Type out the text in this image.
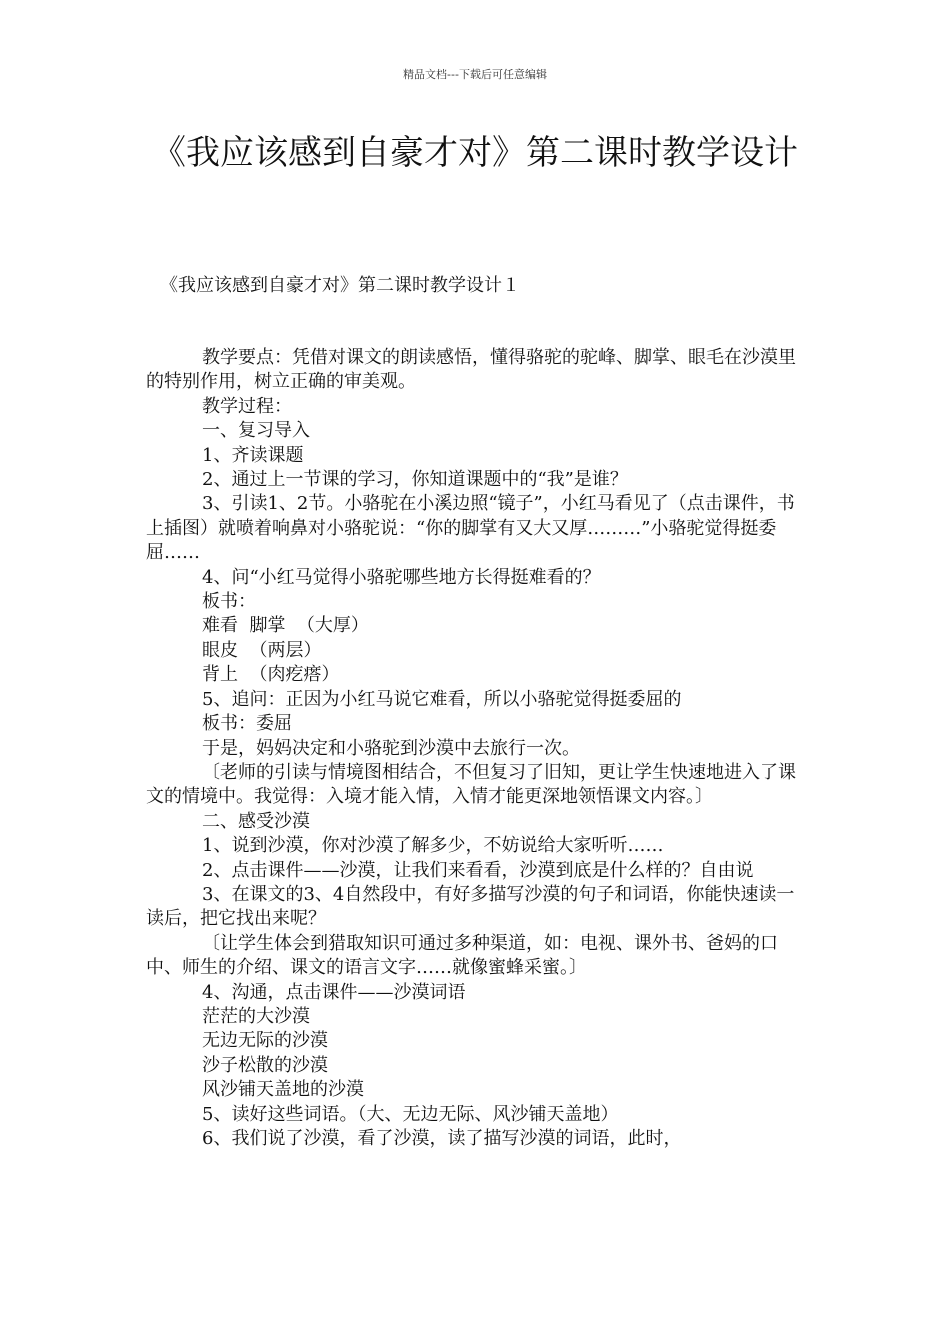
精品文档---下载后可任意编辑
《我应该感到自豪才对》第二课时教学设计
《我应该感到自豪才对》第二课时教学设计１

教学要点：凭借对课文的朗读感悟，懂得骆驼的驼峰、脚掌、眼毛在沙漠里的特别作用，树立正确的审美观。

教学过程：

一、复习导入

1、齐读课题

2、通过上一节课的学习，你知道课题中的“我”是谁？

3、引读1、2节。小骆驼在小溪边照“镜子”，小红马看见了（点击课件，书上插图）就喷着响鼻对小骆驼说：“你的脚掌有又大又厚………”小骆驼觉得挺委屈……

4、问“小红马觉得小骆驼哪些地方长得挺难看的？

板书：

难看  脚掌  （大厚）

眼皮  （两层）

背上  （肉疙瘩）

5、追问：正因为小红马说它难看，所以小骆驼觉得挺委屈的

板书：委屈

于是，妈妈决定和小骆驼到沙漠中去旅行一次。

〔老师的引读与情境图相结合，不但复习了旧知，更让学生快速地进入了课文的情境中。我觉得：入境才能入情，入情才能更深地领悟课文内容。〕

二、感受沙漠

1、说到沙漠，你对沙漠了解多少，不妨说给大家听听……

2、点击课件——沙漠，让我们来看看，沙漠到底是什么样的？自由说

3、在课文的3、4自然段中，有好多描写沙漠的句子和词语，你能快速读一读后，把它找出来呢？

〔让学生体会到猎取知识可通过多种渠道，如：电视、课外书、爸妈的口中、师生的介绍、课文的语言文字……就像蜜蜂采蜜。〕

4、沟通，点击课件——沙漠词语

茫茫的大沙漠

无边无际的沙漠

沙子松散的沙漠

风沙铺天盖地的沙漠

5、读好这些词语。（大、无边无际、风沙铺天盖地）

6、我们说了沙漠，看了沙漠，读了描写沙漠的词语，此时，
